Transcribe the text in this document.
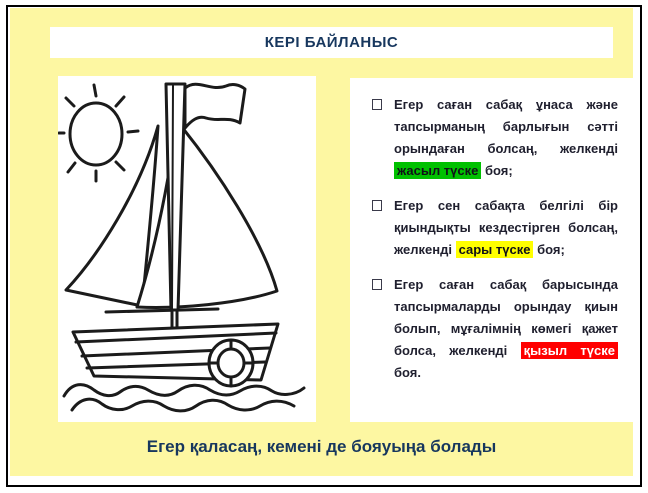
КЕРІ БАЙЛАНЫС

Егер саған сабақ ұнаса және тапсырманың барлығын сәтті орындаған болсаң, желкенді жасыл түске боя;

Егер сен сабақта белгілі бір қиындықты кездестірген болсаң, желкенді сары түске боя;

Егер саған сабақ барысында тапсырмаларды орындау қиын болып, мұғалімнің көмегі қажет болса, желкенді қызыл түске боя.

Егер қаласаң, кемені де бояуыңа болады
